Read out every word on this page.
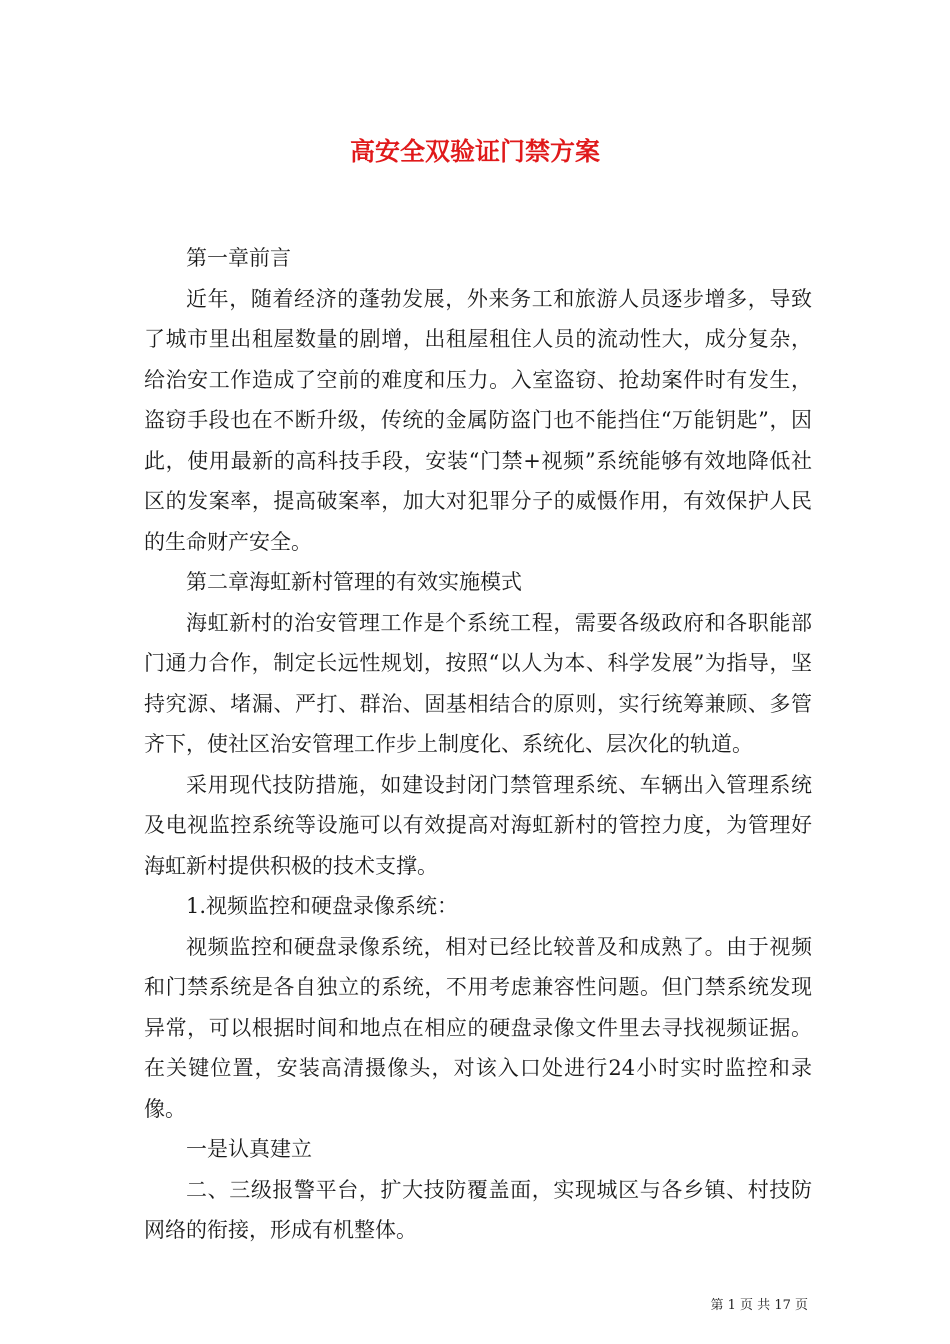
高安全双验证门禁方案

第一章前言

近年，随着经济的蓬勃发展，外来务工和旅游人员逐步增多，导致了城市里出租屋数量的剧增，出租屋租住人员的流动性大，成分复杂，给治安工作造成了空前的难度和压力。入室盗窃、抢劫案件时有发生，盗窃手段也在不断升级，传统的金属防盗门也不能挡住“万能钥匙”，因此，使用最新的高科技手段，安装“门禁+视频”系统能够有效地降低社区的发案率，提高破案率，加大对犯罪分子的威慑作用，有效保护人民的生命财产安全。

第二章海虹新村管理的有效实施模式

海虹新村的治安管理工作是个系统工程，需要各级政府和各职能部门通力合作，制定长远性规划，按照“以人为本、科学发展”为指导，坚持究源、堵漏、严打、群治、固基相结合的原则，实行统筹兼顾、多管齐下，使社区治安管理工作步上制度化、系统化、层次化的轨道。

采用现代技防措施，如建设封闭门禁管理系统、车辆出入管理系统及电视监控系统等设施可以有效提高对海虹新村的管控力度，为管理好海虹新村提供积极的技术支撑。

1.视频监控和硬盘录像系统：

视频监控和硬盘录像系统，相对已经比较普及和成熟了。由于视频和门禁系统是各自独立的系统，不用考虑兼容性问题。但门禁系统发现异常，可以根据时间和地点在相应的硬盘录像文件里去寻找视频证据。在关键位置，安装高清摄像头，对该入口处进行24小时实时监控和录像。

一是认真建立

二、三级报警平台，扩大技防覆盖面，实现城区与各乡镇、村技防网络的衔接，形成有机整体。

第 1 页 共 17 页
